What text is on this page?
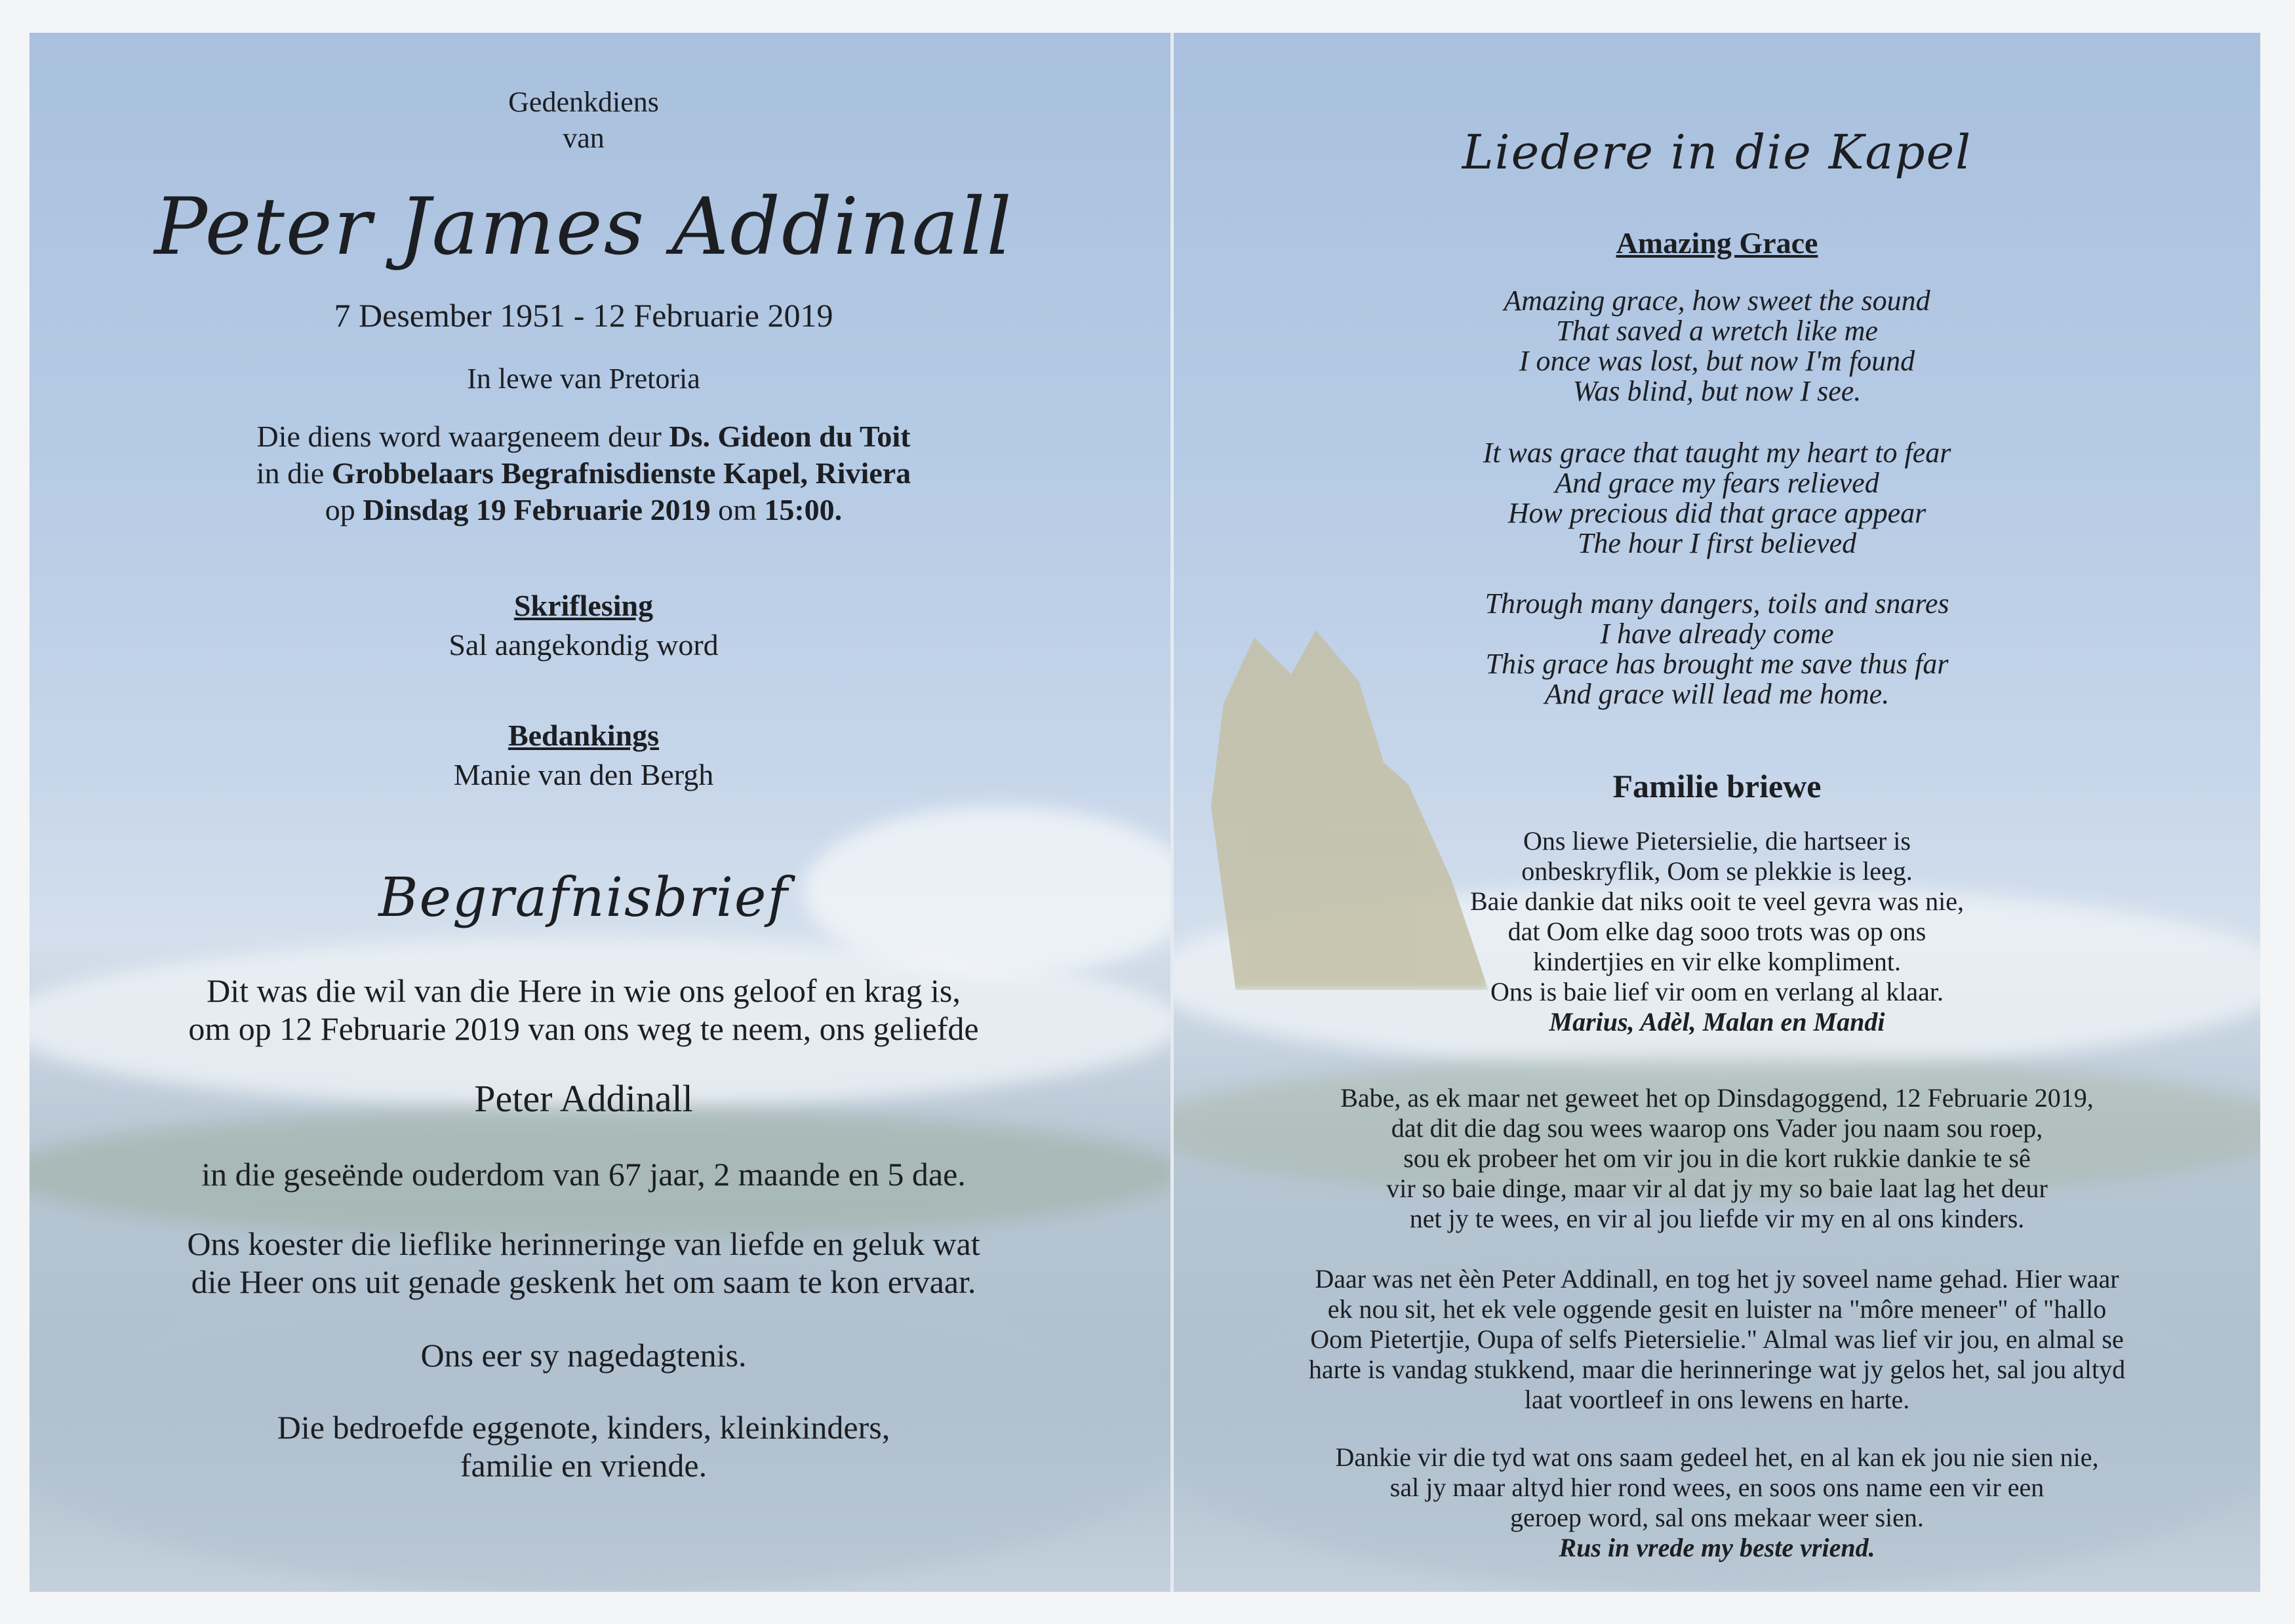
Gedenkdiens
van
Peter James Addinall
7 Desember 1951 - 12 Februarie 2019
In lewe van Pretoria
Die diens word waargeneem deur Ds. Gideon du Toit
in die Grobbelaars Begrafnisdienste Kapel, Riviera
op Dinsdag 19 Februarie 2019 om 15:00.
Skriflesing
Sal aangekondig word
Bedankings
Manie van den Bergh
Begrafnisbrief
Dit was die wil van die Here in wie ons geloof en krag is,
om op 12 Februarie 2019 van ons weg te neem, ons geliefde
Peter Addinall
in die geseënde ouderdom van 67 jaar, 2 maande en 5 dae.
Ons koester die lieflike herinneringe van liefde en geluk wat
die Heer ons uit genade geskenk het om saam te kon ervaar.
Ons eer sy nagedagtenis.
Die bedroefde eggenote, kinders, kleinkinders,
familie en vriende.
Liedere in die Kapel
Amazing Grace
Amazing grace, how sweet the sound
That saved a wretch like me
I once was lost, but now I'm found
Was blind, but now I see.
It was grace that taught my heart to fear
And grace my fears relieved
How precious did that grace appear
The hour I first believed
Through many dangers, toils and snares
I have already come
This grace has brought me save thus far
And grace will lead me home.
Familie briewe
Ons liewe Pietersielie, die hartseer is
onbeskryflik, Oom se plekkie is leeg.
Baie dankie dat niks ooit te veel gevra was nie,
dat Oom elke dag sooo trots was op ons
kindertjies en vir elke kompliment.
Ons is baie lief vir oom en verlang al klaar.
Marius, Adèl, Malan en Mandi
Babe, as ek maar net geweet het op Dinsdagoggend, 12 Februarie 2019,
dat dit die dag sou wees waarop ons Vader jou naam sou roep,
sou ek probeer het om vir jou in die kort rukkie dankie te sê
vir so baie dinge, maar vir al dat jy my so baie laat lag het deur
net jy te wees, en vir al jou liefde vir my en al ons kinders.
Daar was net èèn Peter Addinall, en tog het jy soveel name gehad. Hier waar
ek nou sit, het ek vele oggende gesit en luister na "môre meneer" of "hallo
Oom Pietertjie, Oupa of selfs Pietersielie." Almal was lief vir jou, en almal se
harte is vandag stukkend, maar die herinneringe wat jy gelos het, sal jou altyd
laat voortleef in ons lewens en harte.
Dankie vir die tyd wat ons saam gedeel het, en al kan ek jou nie sien nie,
sal jy maar altyd hier rond wees, en soos ons name een vir een
geroep word, sal ons mekaar weer sien.
Rus in vrede my beste vriend.
